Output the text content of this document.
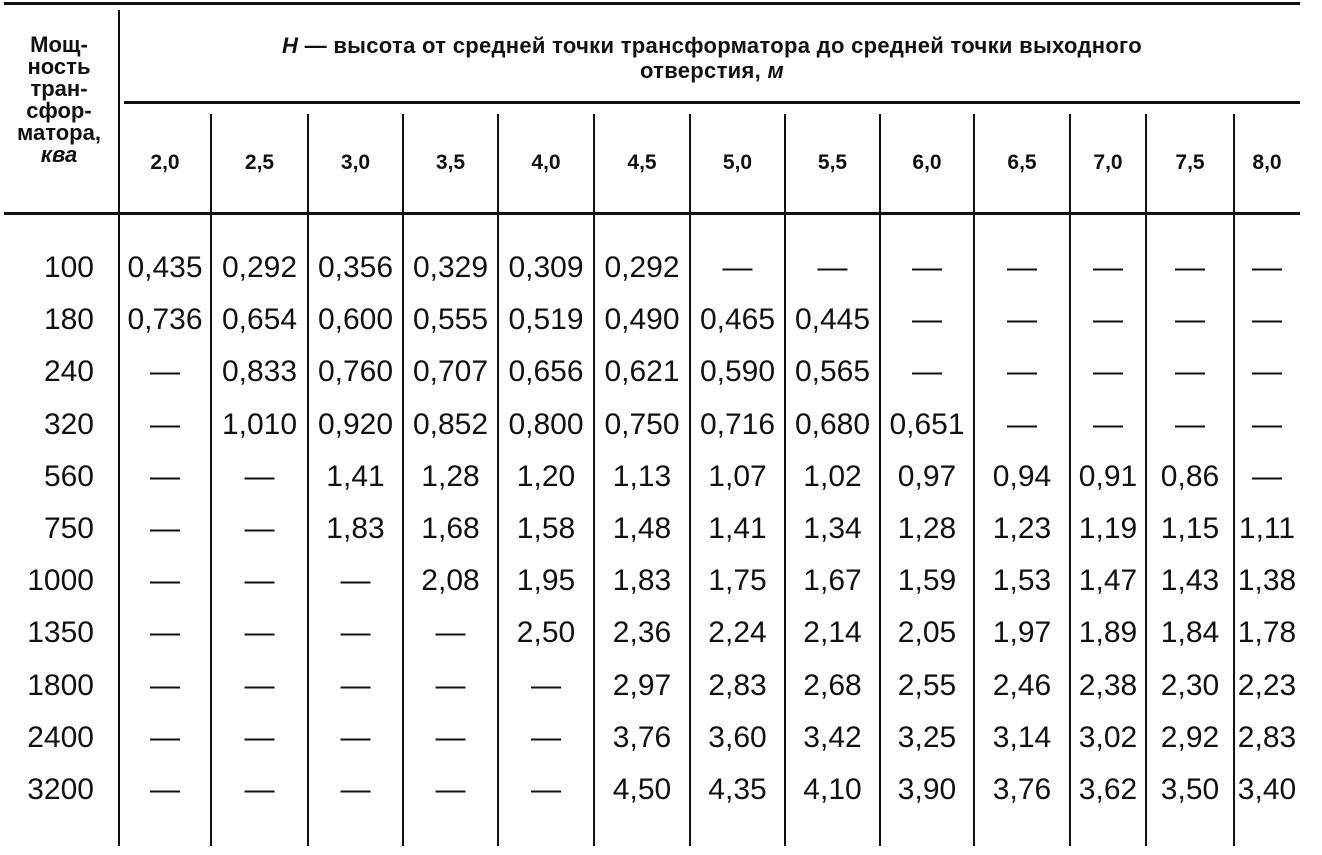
Мощ-
ность
тран-
сфор-
матора,
ква
H — высота от средней точки трансформатора до средней точки выходного
отверстия, м
2,0	2,5	3,0	3,5	4,0	4,5	5,0	5,5	6,0	6,5	7,0	7,5	8,0
100 0,435 0,292 0,356 0,329 0,309 0,292	—	—	—	—	—	—	—
180 0,736 0,654 0,600 0,555 0,519 0,490 0,465 0,445	—	—	—	—	—
240	—	0,833 0,760 0,707 0,656 0,621 0,590 0,565	—	—	—	—	—
320	—	1,010 0,920 0,852 0,800 0,750 0,716 0,680 0,651	—	—	—	—
560	—	—	1,41	1,28	1,20	1,13	1,07	1,02	0,97	0,94 0,91 0,86	—
750	—	—	1,83	1,68	1,58	1,48	1,41	1,34	1,28	1,23 1,19 1,15 1,11
1000	—	—	—	2,08	1,95	1,83	1,75	1,67	1,59	1,53 1,47 1,43 1,38
1350	—	—	—	—	2,50	2,36	2,24	2,14	2,05	1,97 1,89 1,84 1,78
1800	—	—	—	—	—	2,97	2,83	2,68	2,55	2,46 2,38 2,30 2,23
2400	—	—	—	—	—	3,76	3,60	3,42	3,25	3,14 3,02 2,92 2,83
3200	—	—	—	—	—	4,50	4,35	4,10	3,90	3,76 3,62 3,50 3,40
